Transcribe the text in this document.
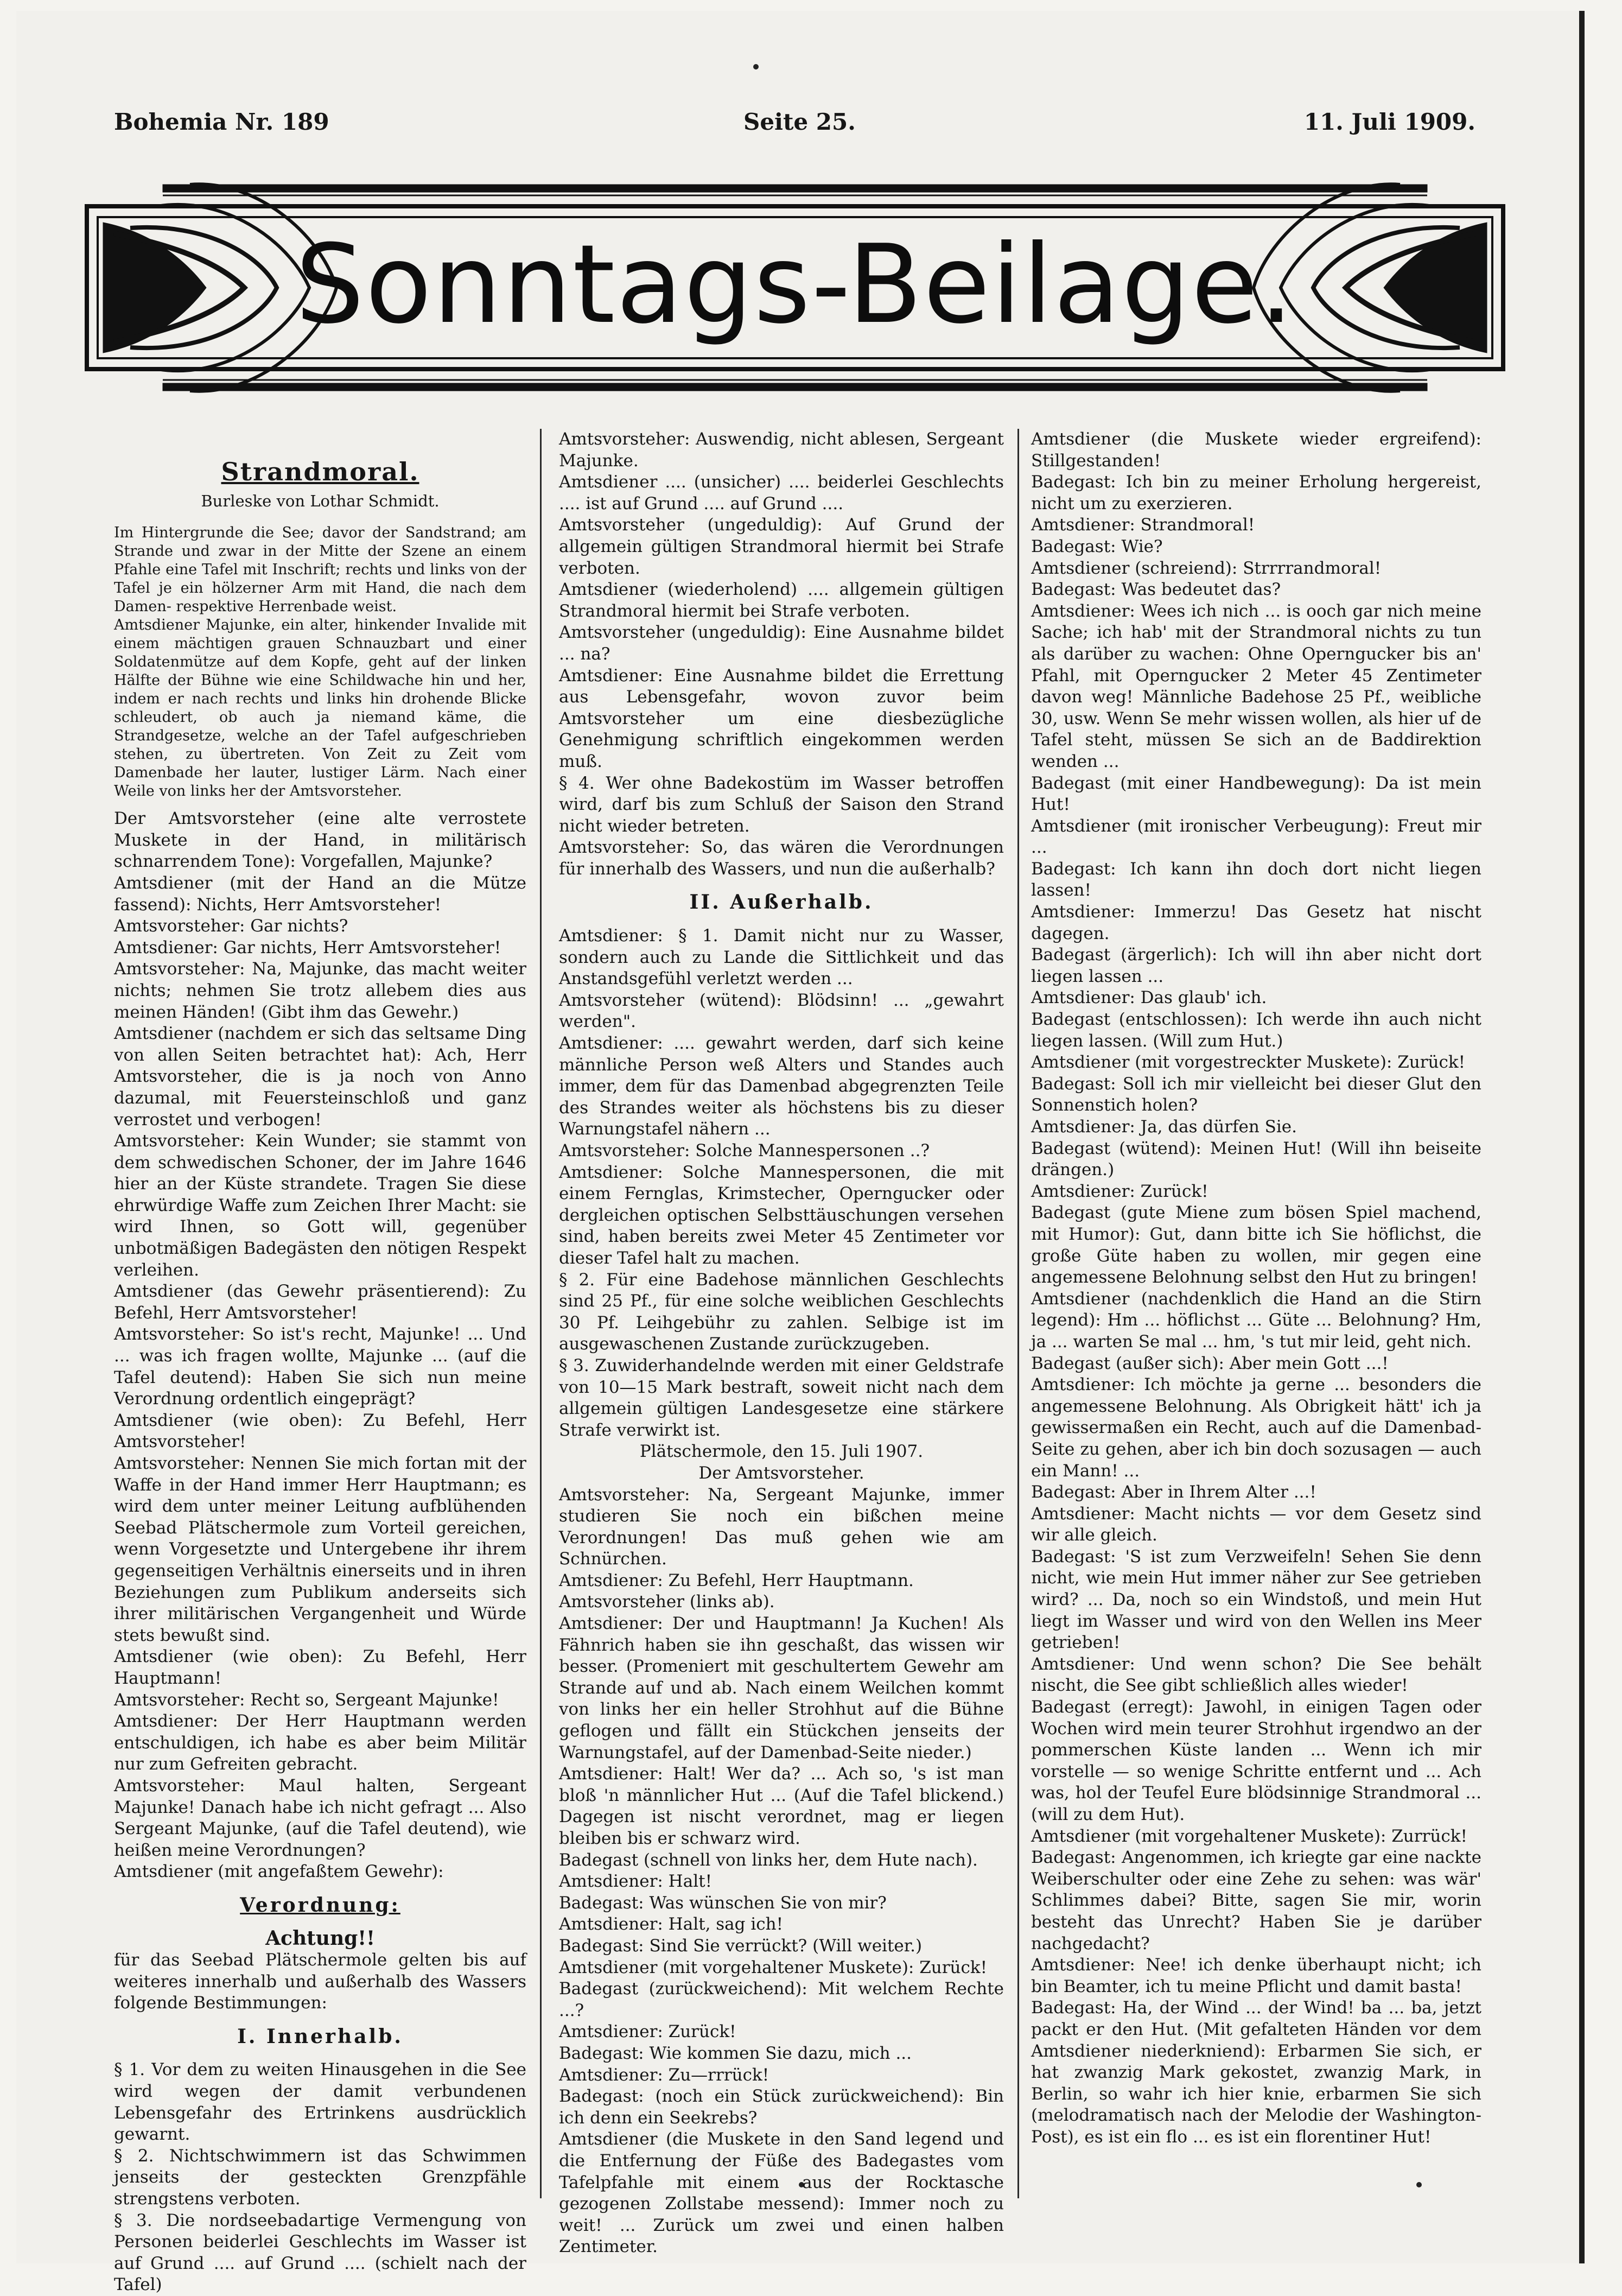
Bohemia Nr. 189	Seite 25.	11. Juli 1909.
Sonntags-Beilage.

Strandmoral.

Burleske von Lothar Schmidt.

Im Hintergrunde die See; davor der Sandstrand; am Strande und zwar in der Mitte der Szene an einem Pfahle eine Tafel mit Inschrift; rechts und links von der Tafel je ein hölzerner Arm mit Hand, die nach dem Damen- respektive Herrenbade weist.

Amtsdiener Majunke, ein alter, hinkender Invalide mit einem mächtigen grauen Schnauzbart und einer Soldatenmütze auf dem Kopfe, geht auf der linken Hälfte der Bühne wie eine Schildwache hin und her, indem er nach rechts und links hin drohende Blicke schleudert, ob auch ja niemand käme, die Strandgesetze, welche an der Tafel aufgeschrieben stehen, zu übertreten. Von Zeit zu Zeit vom Damenbade her lauter, lustiger Lärm. Nach einer Weile von links her der Amtsvorsteher.

Der Amtsvorsteher (eine alte verrostete Muskete in der Hand, in militärisch schnarrendem Tone): Vorgefallen, Majunke?

Amtsdiener (mit der Hand an die Mütze fassend): Nichts, Herr Amtsvorsteher!

Amtsvorsteher: Gar nichts?

Amtsdiener: Gar nichts, Herr Amtsvorsteher!

Amtsvorsteher: Na, Majunke, das macht weiter nichts; nehmen Sie trotz allebem dies aus meinen Händen! (Gibt ihm das Gewehr.)

Amtsdiener (nachdem er sich das seltsame Ding von allen Seiten betrachtet hat): Ach, Herr Amtsvorsteher, die is ja noch von Anno dazumal, mit Feuersteinschloß und ganz verrostet und verbogen!

Amtsvorsteher: Kein Wunder; sie stammt von dem schwedischen Schoner, der im Jahre 1646 hier an der Küste strandete. Tragen Sie diese ehrwürdige Waffe zum Zeichen Ihrer Macht: sie wird Ihnen, so Gott will, gegenüber unbotmäßigen Badegästen den nötigen Respekt verleihen.

Amtsdiener (das Gewehr präsentierend): Zu Befehl, Herr Amtsvorsteher!

Amtsvorsteher: So ist's recht, Majunke! ... Und ... was ich fragen wollte, Majunke ... (auf die Tafel deutend): Haben Sie sich nun meine Verordnung ordentlich eingeprägt?

Amtsdiener (wie oben): Zu Befehl, Herr Amtsvorsteher!

Amtsvorsteher: Nennen Sie mich fortan mit der Waffe in der Hand immer Herr Hauptmann; es wird dem unter meiner Leitung aufblühenden Seebad Plätschermole zum Vorteil gereichen, wenn Vorgesetzte und Untergebene ihr ihrem gegenseitigen Verhältnis einerseits und in ihren Beziehungen zum Publikum anderseits sich ihrer militärischen Vergangenheit und Würde stets bewußt sind.

Amtsdiener (wie oben): Zu Befehl, Herr Hauptmann!

Amtsvorsteher: Recht so, Sergeant Majunke!

Amtsdiener: Der Herr Hauptmann werden entschuldigen, ich habe es aber beim Militär nur zum Gefreiten gebracht.

Amtsvorsteher: Maul halten, Sergeant Majunke! Danach habe ich nicht gefragt ... Also Sergeant Majunke, (auf die Tafel deutend), wie heißen meine Verordnungen?

Amtsdiener (mit angefaßtem Gewehr):

Verordnung:

Achtung!!

für das Seebad Plätschermole gelten bis auf weiteres innerhalb und außerhalb des Wassers folgende Bestimmungen:

I. Innerhalb.

§ 1. Vor dem zu weiten Hinausgehen in die See wird wegen der damit verbundenen Lebensgefahr des Ertrinkens ausdrücklich gewarnt.

§ 2. Nichtschwimmern ist das Schwimmen jenseits der gesteckten Grenzpfähle strengstens verboten.

§ 3. Die nordseebadartige Vermengung von Personen beiderlei Geschlechts im Wasser ist auf Grund .... auf Grund .... (schielt nach der Tafel)

Amtsvorsteher: Auswendig, nicht ablesen, Sergeant Majunke.

Amtsdiener .... (unsicher) .... beiderlei Geschlechts .... ist auf Grund .... auf Grund ....

Amtsvorsteher (ungeduldig): Auf Grund der allgemein gültigen Strandmoral hiermit bei Strafe verboten.

Amtsdiener (wiederholend) .... allgemein gültigen Strandmoral hiermit bei Strafe verboten.

Amtsvorsteher (ungeduldig): Eine Ausnahme bildet ... na?

Amtsdiener: Eine Ausnahme bildet die Errettung aus Lebensgefahr, wovon zuvor beim Amtsvorsteher um eine diesbezügliche Genehmigung schriftlich eingekommen werden muß.

§ 4. Wer ohne Badekostüm im Wasser betroffen wird, darf bis zum Schluß der Saison den Strand nicht wieder betreten.

Amtsvorsteher: So, das wären die Verordnungen für innerhalb des Wassers, und nun die außerhalb?

II. Außerhalb.

Amtsdiener: § 1. Damit nicht nur zu Wasser, sondern auch zu Lande die Sittlichkeit und das Anstandsgefühl verletzt werden ...

Amtsvorsteher (wütend): Blödsinn! ... „gewahrt werden".

Amtsdiener: .... gewahrt werden, darf sich keine männliche Person weß Alters und Standes auch immer, dem für das Damenbad abgegrenzten Teile des Strandes weiter als höchstens bis zu dieser Warnungstafel nähern ...

Amtsvorsteher: Solche Mannespersonen ..?

Amtsdiener: Solche Mannespersonen, die mit einem Fernglas, Krimstecher, Operngucker oder dergleichen optischen Selbsttäuschungen versehen sind, haben bereits zwei Meter 45 Zentimeter vor dieser Tafel halt zu machen.

§ 2. Für eine Badehose männlichen Geschlechts sind 25 Pf., für eine solche weiblichen Geschlechts 30 Pf. Leihgebühr zu zahlen. Selbige ist im ausgewaschenen Zustande zurückzugeben.

§ 3. Zuwiderhandelnde werden mit einer Geldstrafe von 10—15 Mark bestraft, soweit nicht nach dem allgemein gültigen Landesgesetze eine stärkere Strafe verwirkt ist.

Plätschermole, den 15. Juli 1907.

Der Amtsvorsteher.

Amtsvorsteher: Na, Sergeant Majunke, immer studieren Sie noch ein bißchen meine Verordnungen! Das muß gehen wie am Schnürchen.

Amtsdiener: Zu Befehl, Herr Hauptmann.

Amtsvorsteher (links ab).

Amtsdiener: Der und Hauptmann! Ja Kuchen! Als Fähnrich haben sie ihn geschaßt, das wissen wir besser. (Promeniert mit geschultertem Gewehr am Strande auf und ab. Nach einem Weilchen kommt von links her ein heller Strohhut auf die Bühne geflogen und fällt ein Stückchen jenseits der Warnungstafel, auf der Damenbad-Seite nieder.)

Amtsdiener: Halt! Wer da? ... Ach so, 's ist man bloß 'n männlicher Hut ... (Auf die Tafel blickend.) Dagegen ist nischt verordnet, mag er liegen bleiben bis er schwarz wird.

Badegast (schnell von links her, dem Hute nach).

Amtsdiener: Halt!

Badegast: Was wünschen Sie von mir?

Amtsdiener: Halt, sag ich!

Badegast: Sind Sie verrückt? (Will weiter.)

Amtsdiener (mit vorgehaltener Muskete): Zurück!

Badegast (zurückweichend): Mit welchem Rechte ...?

Amtsdiener: Zurück!

Badegast: Wie kommen Sie dazu, mich ...

Amtsdiener: Zu—rrrück!

Badegast: (noch ein Stück zurückweichend): Bin ich denn ein Seekrebs?

Amtsdiener (die Muskete in den Sand legend und die Entfernung der Füße des Badegastes vom Tafelpfahle mit einem aus der Rocktasche gezogenen Zollstabe messend): Immer noch zu weit! ... Zurück um zwei und einen halben Zentimeter.

Amtsdiener (die Muskete wieder ergreifend): Stillgestanden!

Badegast: Ich bin zu meiner Erholung hergereist, nicht um zu exerzieren.

Amtsdiener: Strandmoral!

Badegast: Wie?

Amtsdiener (schreiend): Strrrrandmoral!

Badegast: Was bedeutet das?

Amtsdiener: Wees ich nich ... is ooch gar nich meine Sache; ich hab' mit der Strandmoral nichts zu tun als darüber zu wachen: Ohne Operngucker bis an' Pfahl, mit Operngucker 2 Meter 45 Zentimeter davon weg! Männliche Badehose 25 Pf., weibliche 30, usw. Wenn Se mehr wissen wollen, als hier uf de Tafel steht, müssen Se sich an de Baddirektion wenden ...

Badegast (mit einer Handbewegung): Da ist mein Hut!

Amtsdiener (mit ironischer Verbeugung): Freut mir ...

Badegast: Ich kann ihn doch dort nicht liegen lassen!

Amtsdiener: Immerzu! Das Gesetz hat nischt dagegen.

Badegast (ärgerlich): Ich will ihn aber nicht dort liegen lassen ...

Amtsdiener: Das glaub' ich.

Badegast (entschlossen): Ich werde ihn auch nicht liegen lassen. (Will zum Hut.)

Amtsdiener (mit vorgestreckter Muskete): Zurück!

Badegast: Soll ich mir vielleicht bei dieser Glut den Sonnenstich holen?

Amtsdiener: Ja, das dürfen Sie.

Badegast (wütend): Meinen Hut! (Will ihn beiseite drängen.)

Amtsdiener: Zurück!

Badegast (gute Miene zum bösen Spiel machend, mit Humor): Gut, dann bitte ich Sie höflichst, die große Güte haben zu wollen, mir gegen eine angemessene Belohnung selbst den Hut zu bringen!

Amtsdiener (nachdenklich die Hand an die Stirn legend): Hm ... höflichst ... Güte ... Belohnung? Hm, ja ... warten Se mal ... hm, 's tut mir leid, geht nich.

Badegast (außer sich): Aber mein Gott ...!

Amtsdiener: Ich möchte ja gerne ... besonders die angemessene Belohnung. Als Obrigkeit hätt' ich ja gewissermaßen ein Recht, auch auf die Damenbad-Seite zu gehen, aber ich bin doch sozusagen — auch ein Mann! ...

Badegast: Aber in Ihrem Alter ...!

Amtsdiener: Macht nichts — vor dem Gesetz sind wir alle gleich.

Badegast: 'S ist zum Verzweifeln! Sehen Sie denn nicht, wie mein Hut immer näher zur See getrieben wird? ... Da, noch so ein Windstoß, und mein Hut liegt im Wasser und wird von den Wellen ins Meer getrieben!

Amtsdiener: Und wenn schon? Die See behält nischt, die See gibt schließlich alles wieder!

Badegast (erregt): Jawohl, in einigen Tagen oder Wochen wird mein teurer Strohhut irgendwo an der pommerschen Küste landen ... Wenn ich mir vorstelle — so wenige Schritte entfernt und ... Ach was, hol der Teufel Eure blödsinnige Strandmoral ... (will zu dem Hut).

Amtsdiener (mit vorgehaltener Muskete): Zurrück!

Badegast: Angenommen, ich kriegte gar eine nackte Weiberschulter oder eine Zehe zu sehen: was wär' Schlimmes dabei? Bitte, sagen Sie mir, worin besteht das Unrecht? Haben Sie je darüber nachgedacht?

Amtsdiener: Nee! ich denke überhaupt nicht; ich bin Beamter, ich tu meine Pflicht und damit basta!

Badegast: Ha, der Wind ... der Wind! ba ... ba, jetzt packt er den Hut. (Mit gefalteten Händen vor dem Amtsdiener niederkniend): Erbarmen Sie sich, er hat zwanzig Mark gekostet, zwanzig Mark, in Berlin, so wahr ich hier knie, erbarmen Sie sich (melodramatisch nach der Melodie der Washington-Post), es ist ein flo ... es ist ein florentiner Hut!
